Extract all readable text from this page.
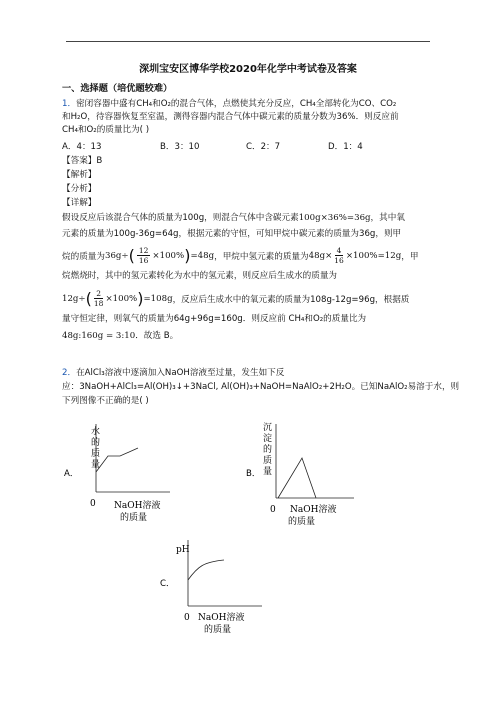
深圳宝安区博华学校2020年化学中考试卷及答案
一、选择题（培优题较难）
1．密闭容器中盛有CH₄和O₂的混合气体，点燃使其充分反应，CH₄全部转化为CO、CO₂
和H₂O，待容器恢复至室温，测得容器内混合气体中碳元素的质量分数为36%．则反应前
CH₄和O₂的质量比为( )
A．4：13	B．3：10	C．2：7	D．1：4
【答案】B
【解析】
【分析】
【详解】
假设反应后该混合气体的质量为100g，则混合气体中含碳元素100g×36%=36g，其中氧
元素的质量为100g-36g=64g，根据元素的守恒，可知甲烷中碳元素的质量为36g，则甲
烷的质量为 36g÷ ( $\frac{12}{16} \times 100\%$ ) =48g ，甲烷中氢元素的质量为 $48g\times \frac{4}{16} \times 100\%=12g$ ，甲
烷燃烧时，其中的氢元素转化为水中的氢元素，则反应后生成水的质量为
12g÷ ( $\frac{2}{18} \times 100\%$ ) =108g ，反应后生成水中的氧元素的质量为108g-12g=96g，根据质
量守恒定律，则氧气的质量为64g+96g=160g．则反应前 CH₄和O₂的质量比为
48g:160g = 3:10．故选 B。
2．在AlCl₃溶液中逐滴加入NaOH溶液至过量，发生如下反
应：3NaOH+AlCl₃=Al(OH)₃↓+3NaCl, Al(OH)₃+NaOH=NaAlO₂+2H₂O。已知NaAlO₂易溶于水，则
下列图像不正确的是( )
A．
水
的
质
量
0 NaOH溶液
的质量
B．
沉
淀
的
质
量
0 NaOH溶液
的质量
C．
pH
0 NaOH溶液
的质量
